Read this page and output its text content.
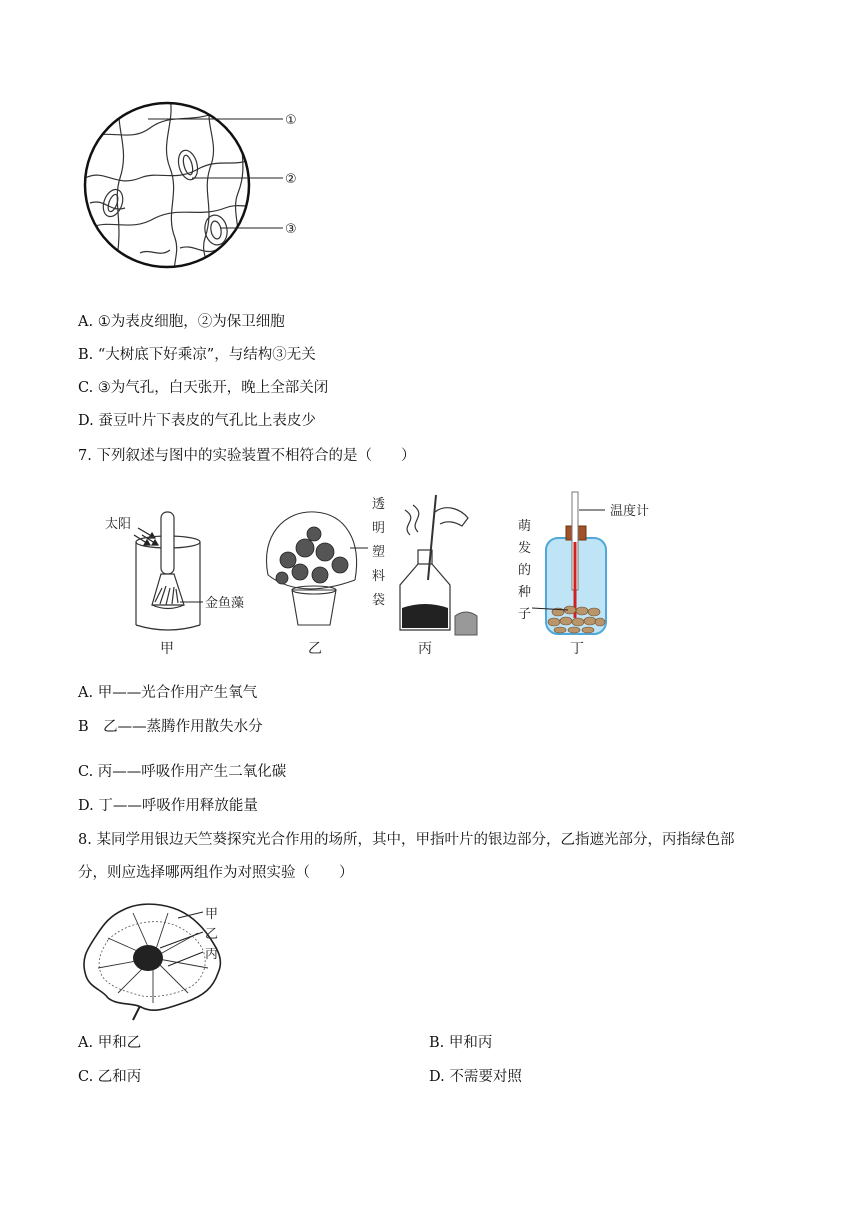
①
②
③
A. ①为表皮细胞，②为保卫细胞
B. “大树底下好乘凉”，与结构③无关
C. ③为气孔，白天张开，晚上全部关闭
D. 蚕豆叶片下表皮的气孔比上表皮少
7. 下列叙述与图中的实验装置不相符合的是（　　）
太阳
金鱼藻
甲
透
明
塑
料
袋
乙	丙
温度计
萌
发
的
种
子
丁
A. 甲——光合作用产生氧气
B　乙——蒸腾作用散失水分
C. 丙——呼吸作用产生二氧化碳
D. 丁——呼吸作用释放能量
8. 某同学用银边天竺葵探究光合作用的场所，其中，甲指叶片的银边部分，乙指遮光部分，丙指绿色部
分，则应选择哪两组作为对照实验（　　）
甲
乙
丙
A. 甲和乙	B. 甲和丙
C. 乙和丙	D. 不需要对照
